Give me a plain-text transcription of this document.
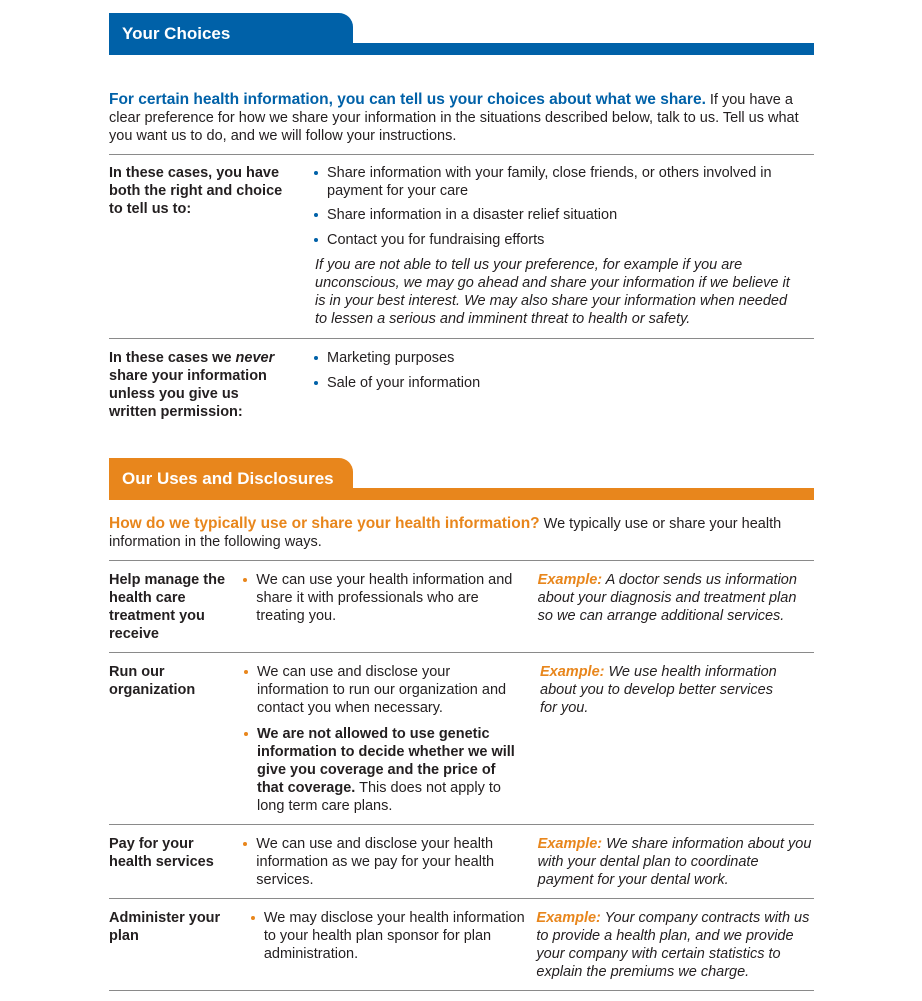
Your Choices

For certain health information, you can tell us your choices about what we share. If you have a clear preference for how we share your information in the situations described below, talk to us. Tell us what you want us to do, and we will follow your instructions.

In these cases, you have both the right and choice to tell us to:
Share information with your family, close friends, or others involved in payment for your care
Share information in a disaster relief situation
Contact you for fundraising efforts
If you are not able to tell us your preference, for example if you are unconscious, we may go ahead and share your information if we believe it is in your best interest. We may also share your information when needed to lessen a serious and imminent threat to health or safety.
In these cases we never share your information unless you give us written permission:
Marketing purposes
Sale of your information
Our Uses and Disclosures

How do we typically use or share your health information? We typically use or share your health information in the following ways.

Help manage the health care treatment you receive
We can use your health information and share it with professionals who are treating you.
Example: A doctor sends us information about your diagnosis and treatment plan so we can arrange additional services.
Run our organization
We can use and disclose your information to run our organization and contact you when necessary.
We are not allowed to use genetic information to decide whether we will give you coverage and the price of that coverage. This does not apply to long term care plans.
Example: We use health information about you to develop better services for you.
Pay for your health services
We can use and disclose your health information as we pay for your health services.
Example: We share information about you with your dental plan to coordinate payment for your dental work.
Administer your plan
We may disclose your health information to your health plan sponsor for plan administration.
Example: Your company contracts with us to provide a health plan, and we provide your company with certain statistics to explain the premiums we charge.
